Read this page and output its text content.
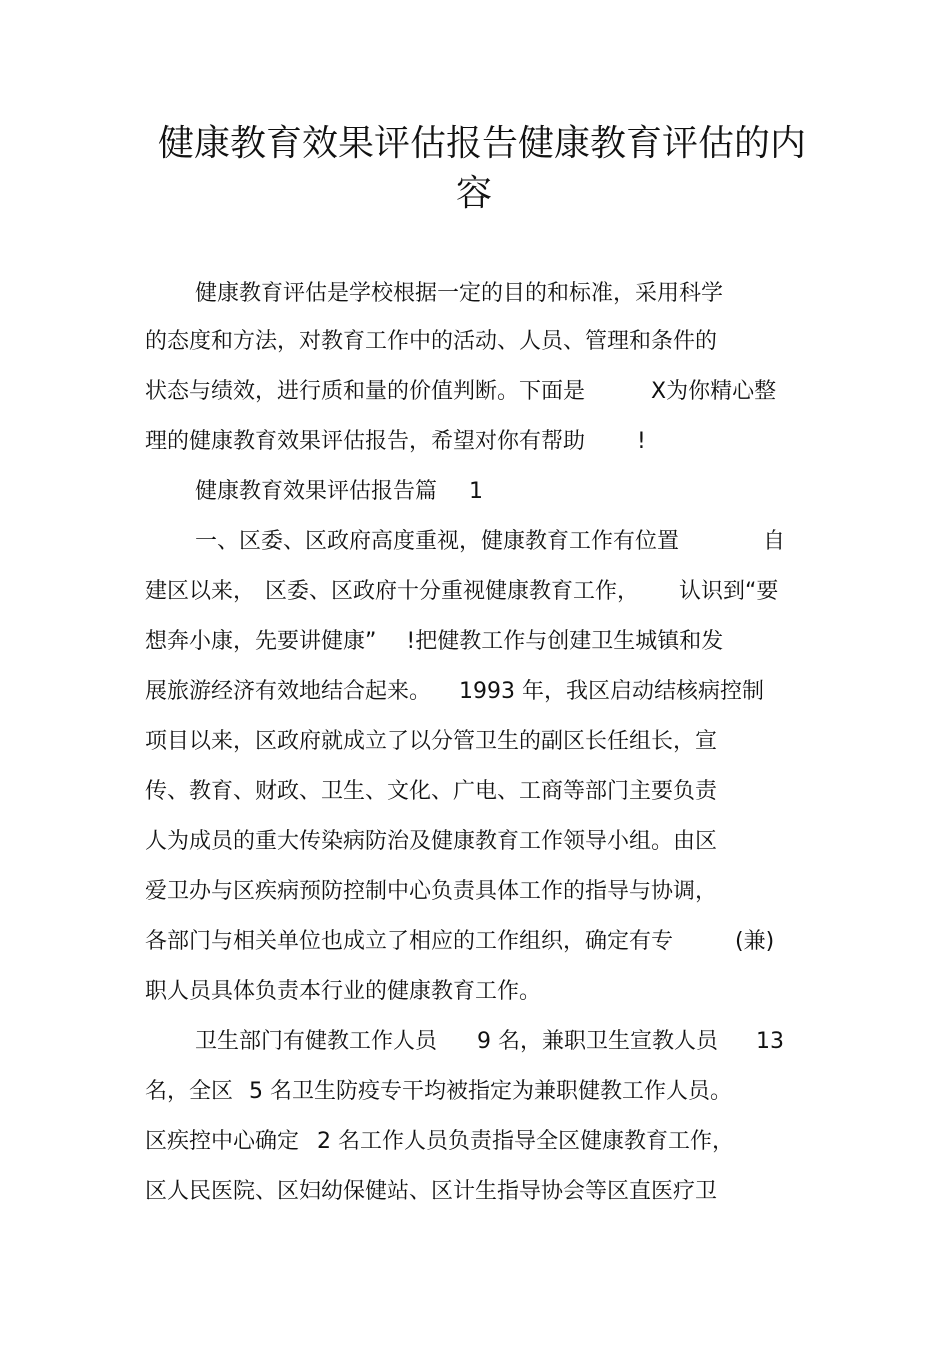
健康教育效果评估报告健康教育评估的内
容
健康教育评估是学校根据一定的目的和标准，采用科学
的态度和方法，对教育工作中的活动、人员、管理和条件的
状态与绩效，进行质和量的价值判断。下面是	X为你精心整
理的健康教育效果评估报告，希望对你有帮助 !
健康教育效果评估报告篇 1
一、区委、区政府高度重视，健康教育工作有位置	自
建区以来， 区委、区政府十分重视健康教育工作， 认识到“要
想奔小康，先要讲健康” !把健教工作与创建卫生城镇和发
展旅游经济有效地结合起来。 1993 年，我区启动结核病控制
项目以来，区政府就成立了以分管卫生的副区长任组长，宣
传、教育、财政、卫生、文化、广电、工商等部门主要负责
人为成员的重大传染病防治及健康教育工作领导小组。由区
爱卫办与区疾病预防控制中心负责具体工作的指导与协调，
各部门与相关单位也成立了相应的工作组织，确定有专	(兼)
职人员具体负责本行业的健康教育工作。
卫生部门有健教工作人员 9 名，兼职卫生宣教人员 13
名，全区 5 名卫生防疫专干均被指定为兼职健教工作人员。
区疾控中心确定 2 名工作人员负责指导全区健康教育工作，
区人民医院、区妇幼保健站、区计生指导协会等区直医疗卫
